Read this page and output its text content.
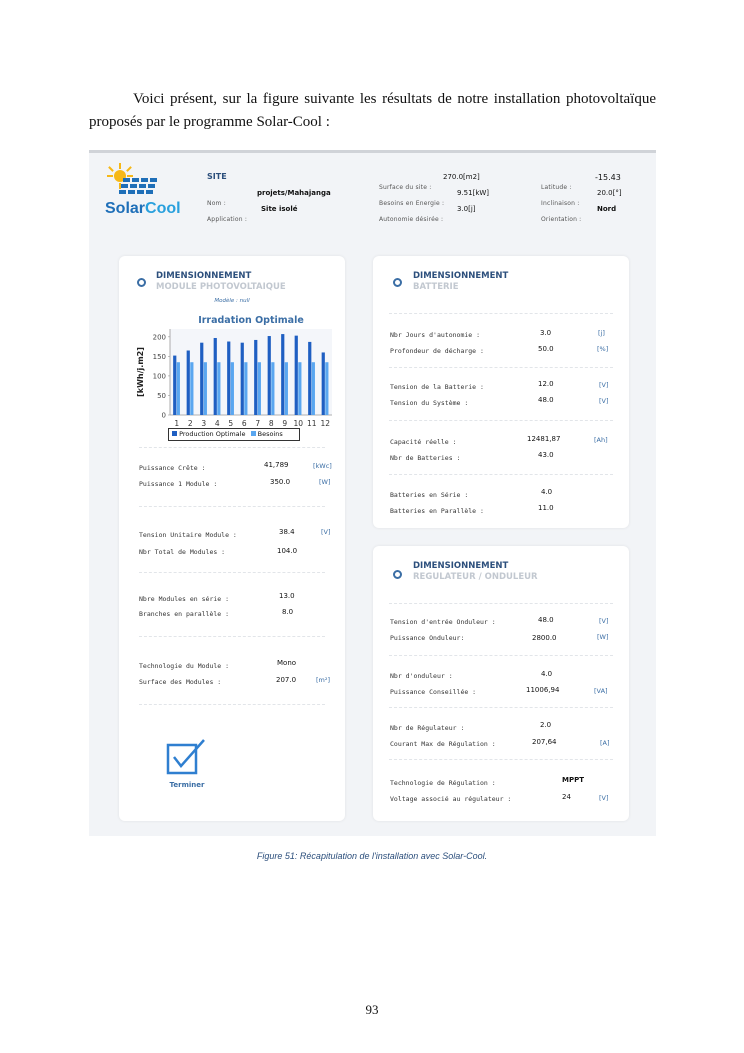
Voici présent, sur la figure suivante les résultats de notre installation photovoltaïque proposés par le programme Solar-Cool :
SolarCool
SITE
Nom :
projets/Mahajanga
Application :
Site isolé
Surface du site :
270.0[m2]
Besoins en Energie :
9.51[kW]
Autonomie désirée :
3.0[j]
Latitude :
-15.43
Inclinaison :
20.0[°]
Orientation :
Nord
DIMENSIONNEMENT
MODULE PHOTOVOLTAIQUE
Modèle : null
Irradation Optimale
[kWh/j.m2]
0
50
100
150
200
1 2 3 4 5 6 7 8 9 10 11 12
Production Optimale Besoins
Puissance Crête :	41,789	[kWc]
Puissance 1 Module :	350.0	[W]
Tension Unitaire Module :	38.4	[V]
Nbr Total de Modules :	104.0
Nbre Modules en série :	13.0
Branches en parallèle :	8.0
Technologie du Module :	Mono
Surface des Modules :	207.0	[m²]
Terminer
DIMENSIONNEMENT
BATTERIE
Nbr Jours d'autonomie :	3.0	[j]
Profondeur de décharge :	50.0	[%]
Tension de la Batterie :	12.0	[V]
Tension du Système :	48.0	[V]
Capacité réelle :	12481,87	[Ah]
Nbr de Batteries :	43.0
Batteries en Série :	4.0
Batteries en Parallèle :	11.0
DIMENSIONNEMENT
REGULATEUR / ONDULEUR
Tension d'entrée Onduleur :	48.0	[V]
Puissance Onduleur:	2800.0	[W]
Nbr d'onduleur :	4.0
Puissance Conseillée :	11006,94	[VA]
Nbr de Régulateur :	2.0
Courant Max de Régulation :	207,64	[A]
Technologie de Régulation :	MPPT
Voltage associé au régulateur :	24	[V]
Figure 51: Récapitulation de l'installation avec Solar-Cool.
93
